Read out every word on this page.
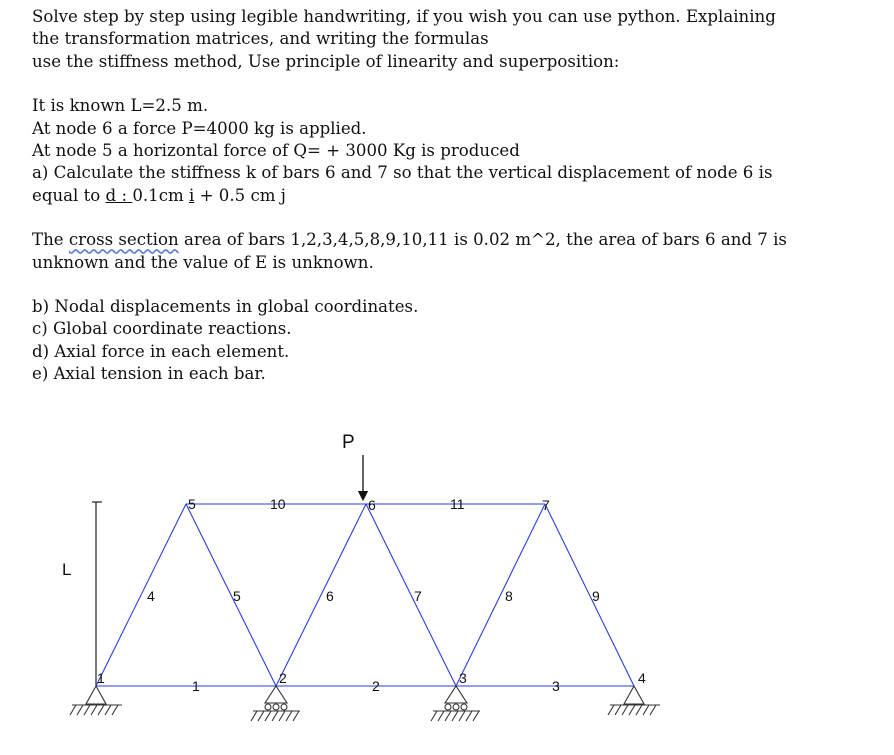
Solve step by step using legible handwriting, if you wish you can use python. Explaining

the transformation matrices, and writing the formulas

use the stiffness method, Use principle of linearity and superposition:

It is known L=2.5 m.

At node 6 a force P=4000 kg is applied.

At node 5 a horizontal force of Q= + 3000 Kg is produced

a) Calculate the stiffness k of bars 6 and 7 so that the vertical displacement of node 6 is

equal to d : 0.1cm i + 0.5 cm j

The cross section area of bars 1,2,3,4,5,8,9,10,11 is 0.02 m^2, the area of bars 6 and 7 is

unknown and the value of E is unknown.

b) Nodal displacements in global coordinates.

c) Global coordinate reactions.

d) Axial force in each element.

e) Axial tension in each bar.

L
P
1	2	3	4
5	6	7
1	2	3
4	5	6	7	8	9
10	11
